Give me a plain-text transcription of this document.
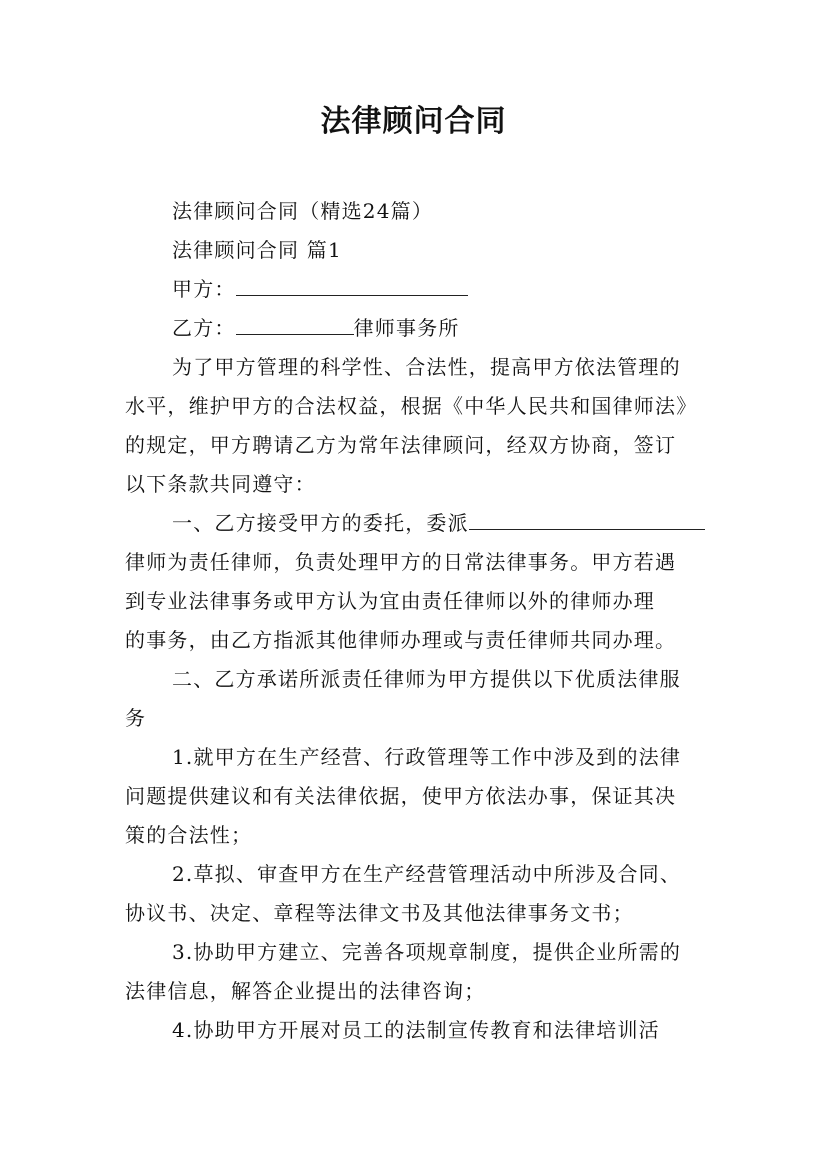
法律顾问合同
法律顾问合同（精选24篇）
法律顾问合同 篇1
甲方：
乙方：	律师事务所
为了甲方管理的科学性、合法性，提高甲方依法管理的
水平，维护甲方的合法权益，根据《中华人民共和国律师法》
的规定，甲方聘请乙方为常年法律顾问，经双方协商，签订
以下条款共同遵守：
一、乙方接受甲方的委托，委派
律师为责任律师，负责处理甲方的日常法律事务。甲方若遇
到专业法律事务或甲方认为宜由责任律师以外的律师办理
的事务，由乙方指派其他律师办理或与责任律师共同办理。
二、乙方承诺所派责任律师为甲方提供以下优质法律服
务
1.就甲方在生产经营、行政管理等工作中涉及到的法律
问题提供建议和有关法律依据，使甲方依法办事，保证其决
策的合法性；
2.草拟、审查甲方在生产经营管理活动中所涉及合同、
协议书、决定、章程等法律文书及其他法律事务文书；
3.协助甲方建立、完善各项规章制度，提供企业所需的
法律信息，解答企业提出的法律咨询；
4.协助甲方开展对员工的法制宣传教育和法律培训活
